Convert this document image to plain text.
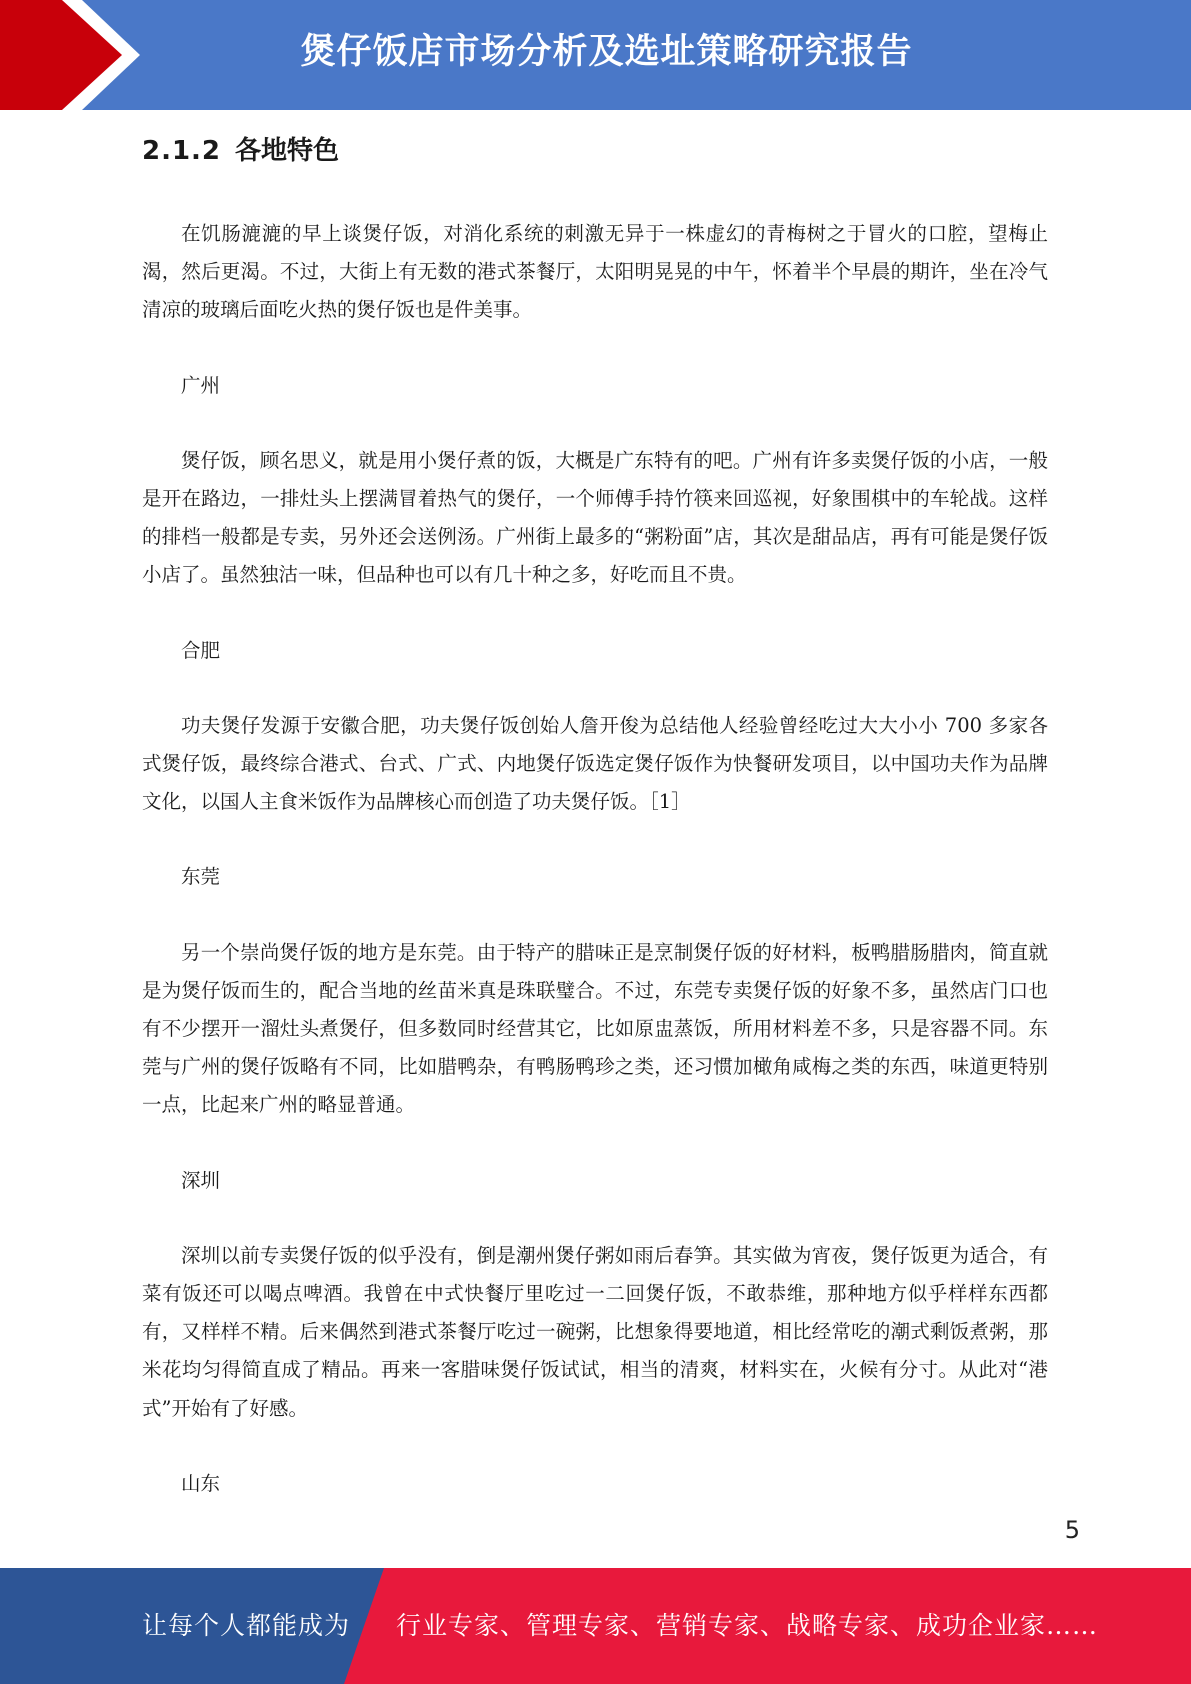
煲仔饭店市场分析及选址策略研究报告
2.1.2 各地特色

在饥肠漉漉的早上谈煲仔饭，对消化系统的刺激无异于一株虚幻的青梅树之于冒火的口腔，望梅止渴，然后更渴。不过，大街上有无数的港式茶餐厅，太阳明晃晃的中午，怀着半个早晨的期许，坐在冷气清凉的玻璃后面吃火热的煲仔饭也是件美事。

广州

煲仔饭，顾名思义，就是用小煲仔煮的饭，大概是广东特有的吧。广州有许多卖煲仔饭的小店，一般是开在路边，一排灶头上摆满冒着热气的煲仔，一个师傅手持竹筷来回巡视，好象围棋中的车轮战。这样的排档一般都是专卖，另外还会送例汤。广州街上最多的“粥粉面”店，其次是甜品店，再有可能是煲仔饭小店了。虽然独沽一味，但品种也可以有几十种之多，好吃而且不贵。

合肥

功夫煲仔发源于安徽合肥，功夫煲仔饭创始人詹开俊为总结他人经验曾经吃过大大小小 700 多家各式煲仔饭，最终综合港式、台式、广式、内地煲仔饭选定煲仔饭作为快餐研发项目，以中国功夫作为品牌文化，以国人主食米饭作为品牌核心而创造了功夫煲仔饭。［1］

东莞

另一个崇尚煲仔饭的地方是东莞。由于特产的腊味正是烹制煲仔饭的好材料，板鸭腊肠腊肉，简直就是为煲仔饭而生的，配合当地的丝苗米真是珠联璧合。不过，东莞专卖煲仔饭的好象不多，虽然店门口也有不少摆开一溜灶头煮煲仔，但多数同时经营其它，比如原盅蒸饭，所用材料差不多，只是容器不同。东莞与广州的煲仔饭略有不同，比如腊鸭杂，有鸭肠鸭珍之类，还习惯加橄角咸梅之类的东西，味道更特别一点，比起来广州的略显普通。

深圳

深圳以前专卖煲仔饭的似乎没有，倒是潮州煲仔粥如雨后春笋。其实做为宵夜，煲仔饭更为适合，有菜有饭还可以喝点啤酒。我曾在中式快餐厅里吃过一二回煲仔饭，不敢恭维，那种地方似乎样样东西都有，又样样不精。后来偶然到港式茶餐厅吃过一碗粥，比想象得要地道，相比经常吃的潮式剩饭煮粥，那米花均匀得简直成了精品。再来一客腊味煲仔饭试试，相当的清爽，材料实在，火候有分寸。从此对“港式”开始有了好感。

山东

5
让每个人都能成为 行业专家、管理专家、营销专家、战略专家、成功企业家……
